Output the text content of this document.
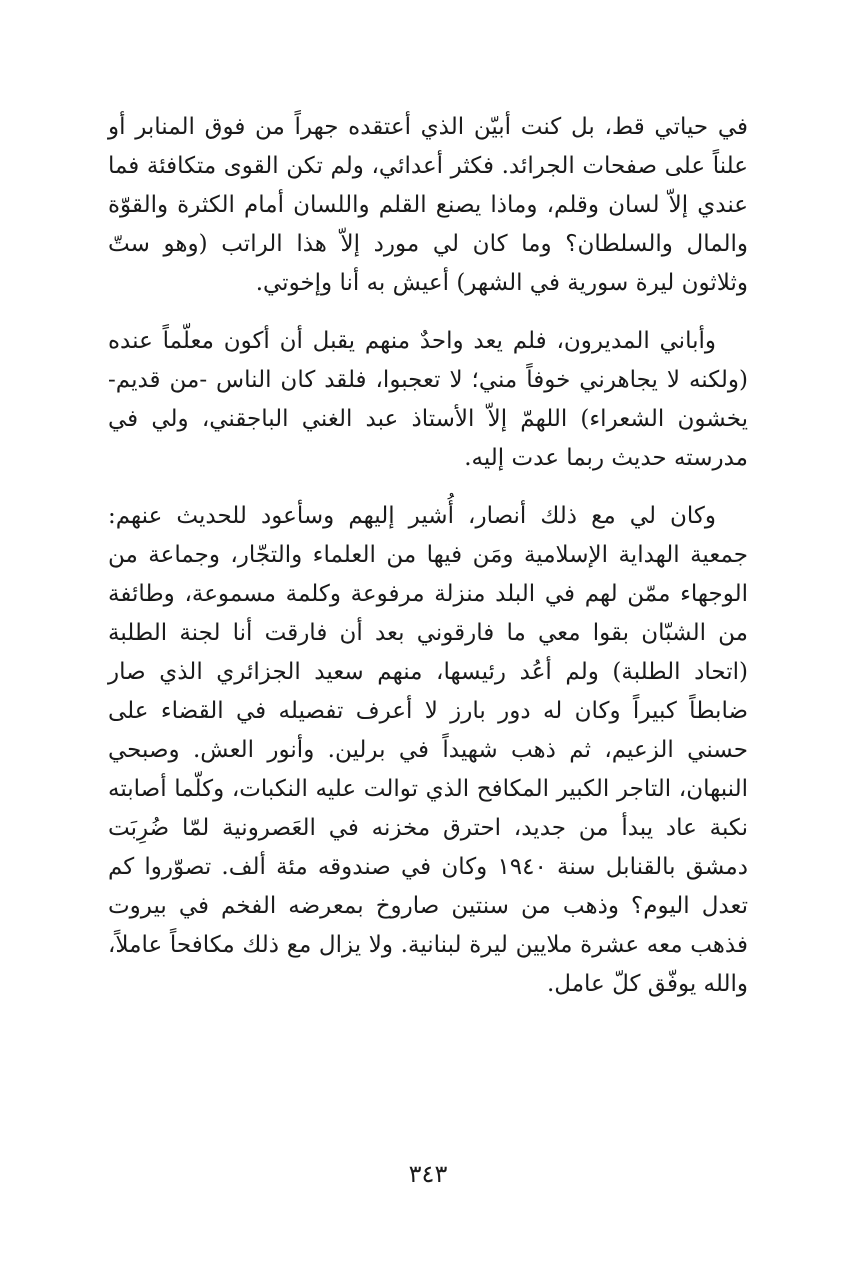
في حياتي قط، بل كنت أبيّن الذي أعتقده جهراً من فوق المنابر أو علناً على صفحات الجرائد. فكثر أعدائي، ولم تكن القوى متكافئة فما عندي إلاّ لسان وقلم، وماذا يصنع القلم واللسان أمام الكثرة والقوّة والمال والسلطان؟ وما كان لي مورد إلاّ هذا الراتب (وهو ستّ وثلاثون ليرة سورية في الشهر) أعيش به أنا وإخوتي.

وأباني المديرون، فلم يعد واحدٌ منهم يقبل أن أكون معلّماً عنده (ولكنه لا يجاهرني خوفاً مني؛ لا تعجبوا، فلقد كان الناس -من قديم- يخشون الشعراء) اللهمّ إلاّ الأستاذ عبد الغني الباجقني، ولي في مدرسته حديث ربما عدت إليه.

وكان لي مع ذلك أنصار، أُشير إليهم وسأعود للحديث عنهم: جمعية الهداية الإسلامية ومَن فيها من العلماء والتجّار، وجماعة من الوجهاء ممّن لهم في البلد منزلة مرفوعة وكلمة مسموعة، وطائفة من الشبّان بقوا معي ما فارقوني بعد أن فارقت أنا لجنة الطلبة (اتحاد الطلبة) ولم أعُد رئيسها، منهم سعيد الجزائري الذي صار ضابطاً كبيراً وكان له دور بارز لا أعرف تفصيله في القضاء على حسني الزعيم، ثم ذهب شهيداً في برلين. وأنور العش. وصبحي النبهان، التاجر الكبير المكافح الذي توالت عليه النكبات، وكلّما أصابته نكبة عاد يبدأ من جديد، احترق مخزنه في العَصرونية لمّا ضُرِبَت دمشق بالقنابل سنة ١٩٤٠ وكان في صندوقه مئة ألف. تصوّروا كم تعدل اليوم؟ وذهب من سنتين صاروخ بمعرضه الفخم في بيروت فذهب معه عشرة ملايين ليرة لبنانية. ولا يزال مع ذلك مكافحاً عاملاً، والله يوفّق كلّ عامل.

٣٤٣
